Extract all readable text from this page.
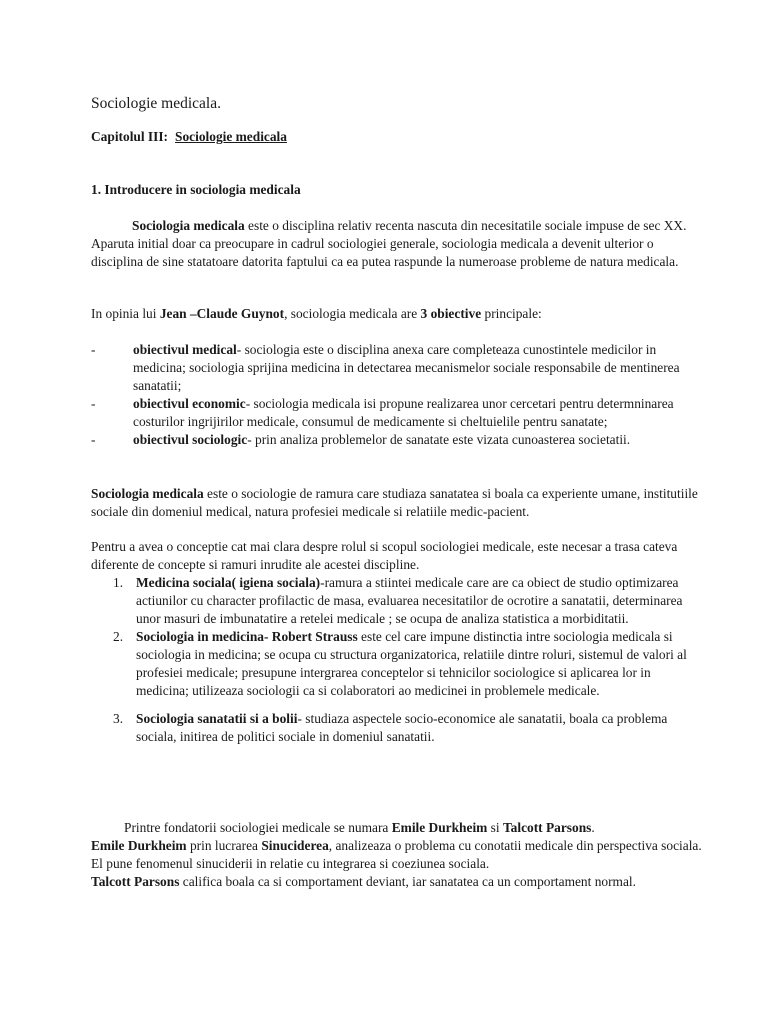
Sociologie medicala.
Capitolul III: Sociologie medicala
1. Introducere in sociologia medicala

Sociologia medicala este o disciplina relativ recenta nascuta din necesitatile sociale impuse de sec XX. Aparuta initial doar ca preocupare in cadrul sociologiei generale, sociologia medicala a devenit ulterior o disciplina de sine statatoare datorita faptului ca ea putea raspunde la numeroase probleme de natura medicala.

In opinia lui Jean –Claude Guynot, sociologia medicala are 3 obiective principale:

-	obiectivul medical- sociologia este o disciplina anexa care completeaza cunostintele medicilor in medicina; sociologia sprijina medicina in detectarea mecanismelor sociale responsabile de mentinerea sanatatii;

-	obiectivul economic- sociologia medicala isi propune realizarea unor cercetari pentru determninarea costurilor ingrijirilor medicale, consumul de medicamente si cheltuielile pentru sanatate;

-	obiectivul sociologic- prin analiza problemelor de sanatate este vizata cunoasterea societatii.

Sociologia medicala este o sociologie de ramura care studiaza sanatatea si boala ca experiente umane, institutiile sociale din domeniul medical, natura profesiei medicale si relatiile medic-pacient.

Pentru a avea o conceptie cat mai clara despre rolul si scopul sociologiei medicale, este necesar a trasa cateva diferente de concepte si ramuri inrudite ale acestei discipline.

1. Medicina sociala( igiena sociala)-ramura a stiintei medicale care are ca obiect de studio optimizarea actiunilor cu character profilactic de masa, evaluarea necesitatilor de ocrotire a sanatatii, determinarea unor masuri de imbunatatire a retelei medicale ; se ocupa de analiza statistica a morbiditatii.

2. Sociologia in medicina- Robert Strauss este cel care impune distinctia intre sociologia medicala si sociologia in medicina; se ocupa cu structura organizatorica, relatiile dintre roluri, sistemul de valori al profesiei medicale; presupune intergrarea conceptelor si tehnicilor sociologice si aplicarea lor in medicina; utilizeaza sociologii ca si colaboratori ao medicinei in problemele medicale.

3. Sociologia sanatatii si a bolii- studiaza aspectele socio-economice ale sanatatii, boala ca problema sociala, initirea de politici sociale in domeniul sanatatii.

Printre fondatorii sociologiei medicale se numara Emile Durkheim si Talcott Parsons.

Emile Durkheim prin lucrarea Sinuciderea, analizeaza o problema cu conotatii medicale din perspectiva sociala. El pune fenomenul sinuciderii in relatie cu integrarea si coeziunea sociala.

Talcott Parsons califica boala ca si comportament deviant, iar sanatatea ca un comportament normal.
